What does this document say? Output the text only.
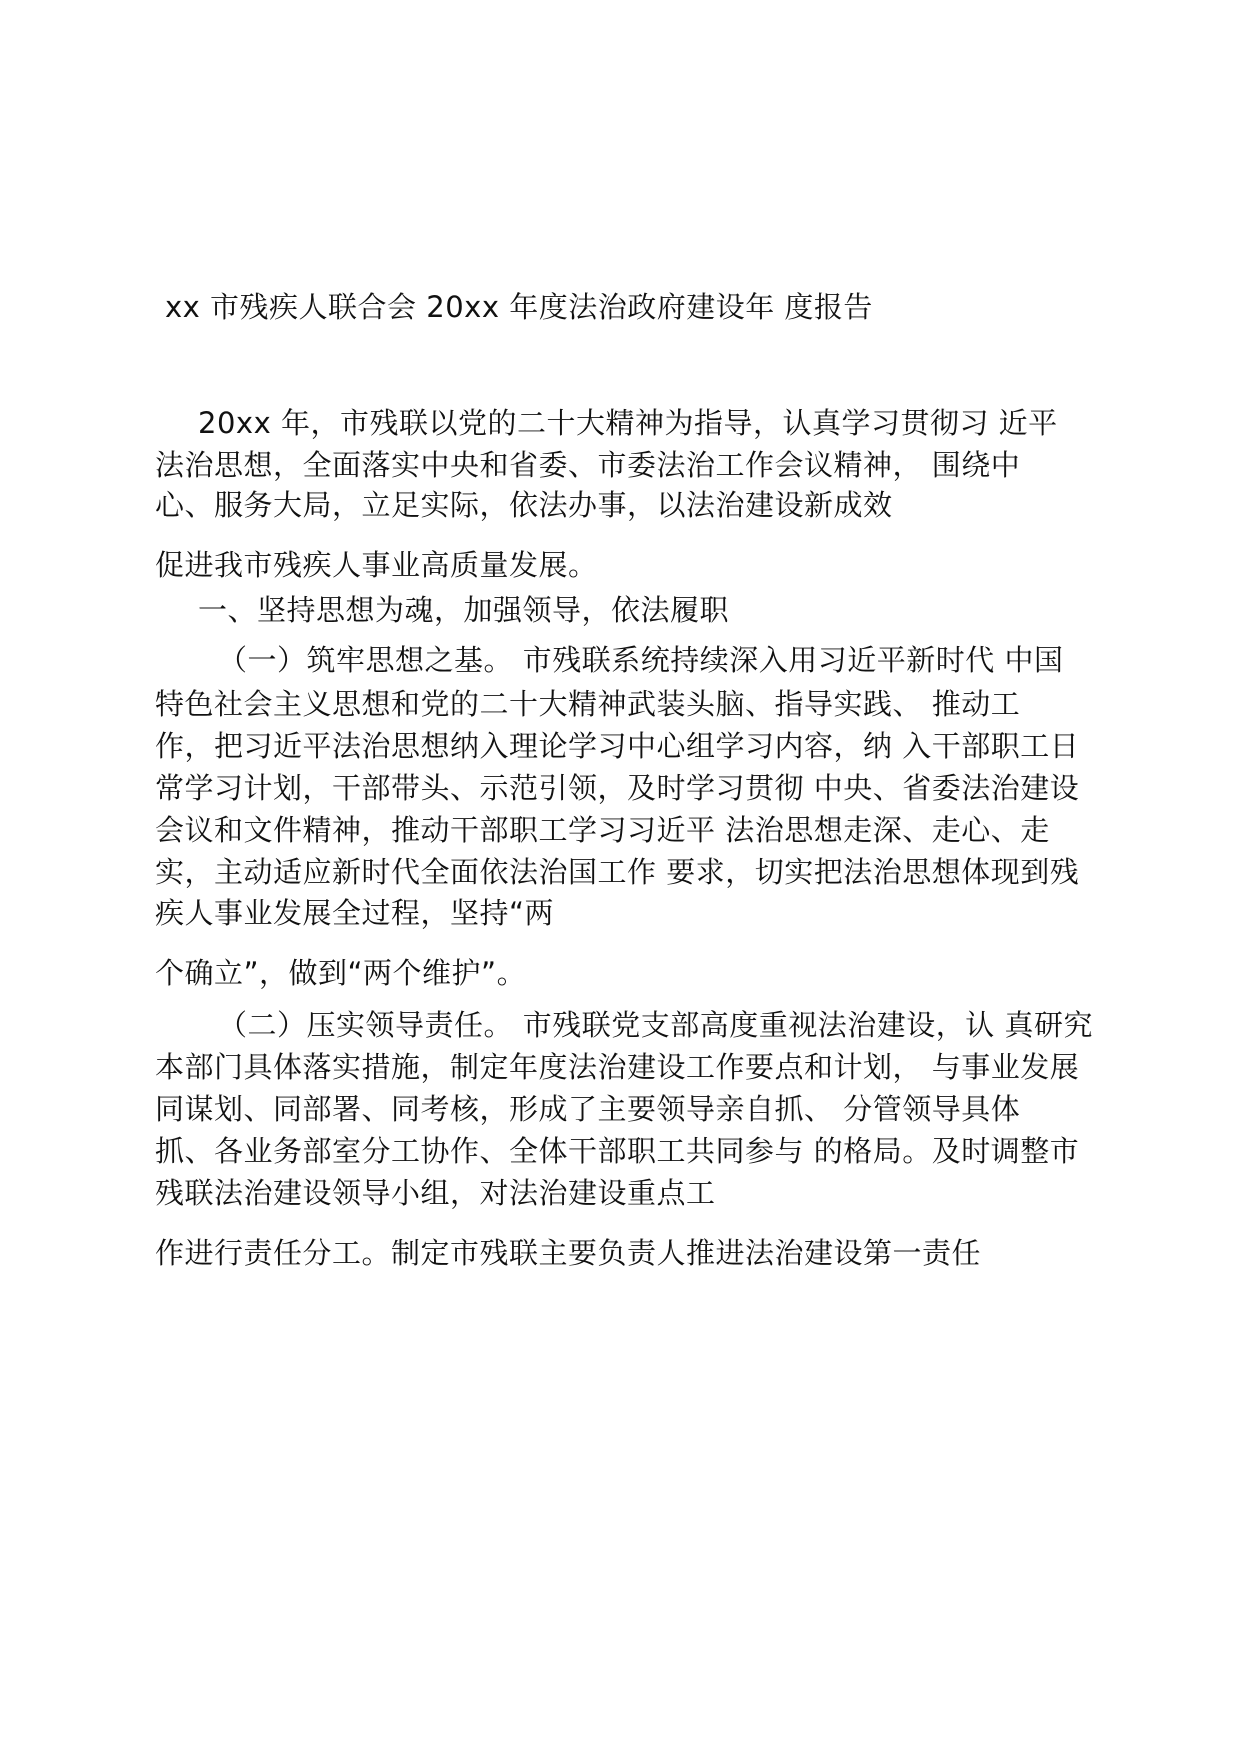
xx 市残疾人联合会 20xx 年度法治政府建设年 度报告

20xx 年，市残联以党的二十大精神为指导，认真学习贯彻习 近平

法治思想，全面落实中央和省委、市委法治工作会议精神， 围绕中

心、服务大局，立足实际，依法办事，以法治建设新成效

促进我市残疾人事业高质量发展。

一、坚持思想为魂，加强领导，依法履职

（一）筑牢思想之基。 市残联系统持续深入用习近平新时代 中国

特色社会主义思想和党的二十大精神武装头脑、指导实践、 推动工

作，把习近平法治思想纳入理论学习中心组学习内容，纳 入干部职工日

常学习计划，干部带头、示范引领，及时学习贯彻 中央、省委法治建设

会议和文件精神，推动干部职工学习习近平 法治思想走深、走心、走

实，主动适应新时代全面依法治国工作 要求，切实把法治思想体现到残

疾人事业发展全过程，坚持“两

个确立”，做到“两个维护”。

（二）压实领导责任。 市残联党支部高度重视法治建设，认 真研究

本部门具体落实措施，制定年度法治建设工作要点和计划， 与事业发展

同谋划、同部署、同考核，形成了主要领导亲自抓、 分管领导具体

抓、各业务部室分工协作、全体干部职工共同参与 的格局。及时调整市

残联法治建设领导小组，对法治建设重点工

作进行责任分工。制定市残联主要负责人推进法治建设第一责任
